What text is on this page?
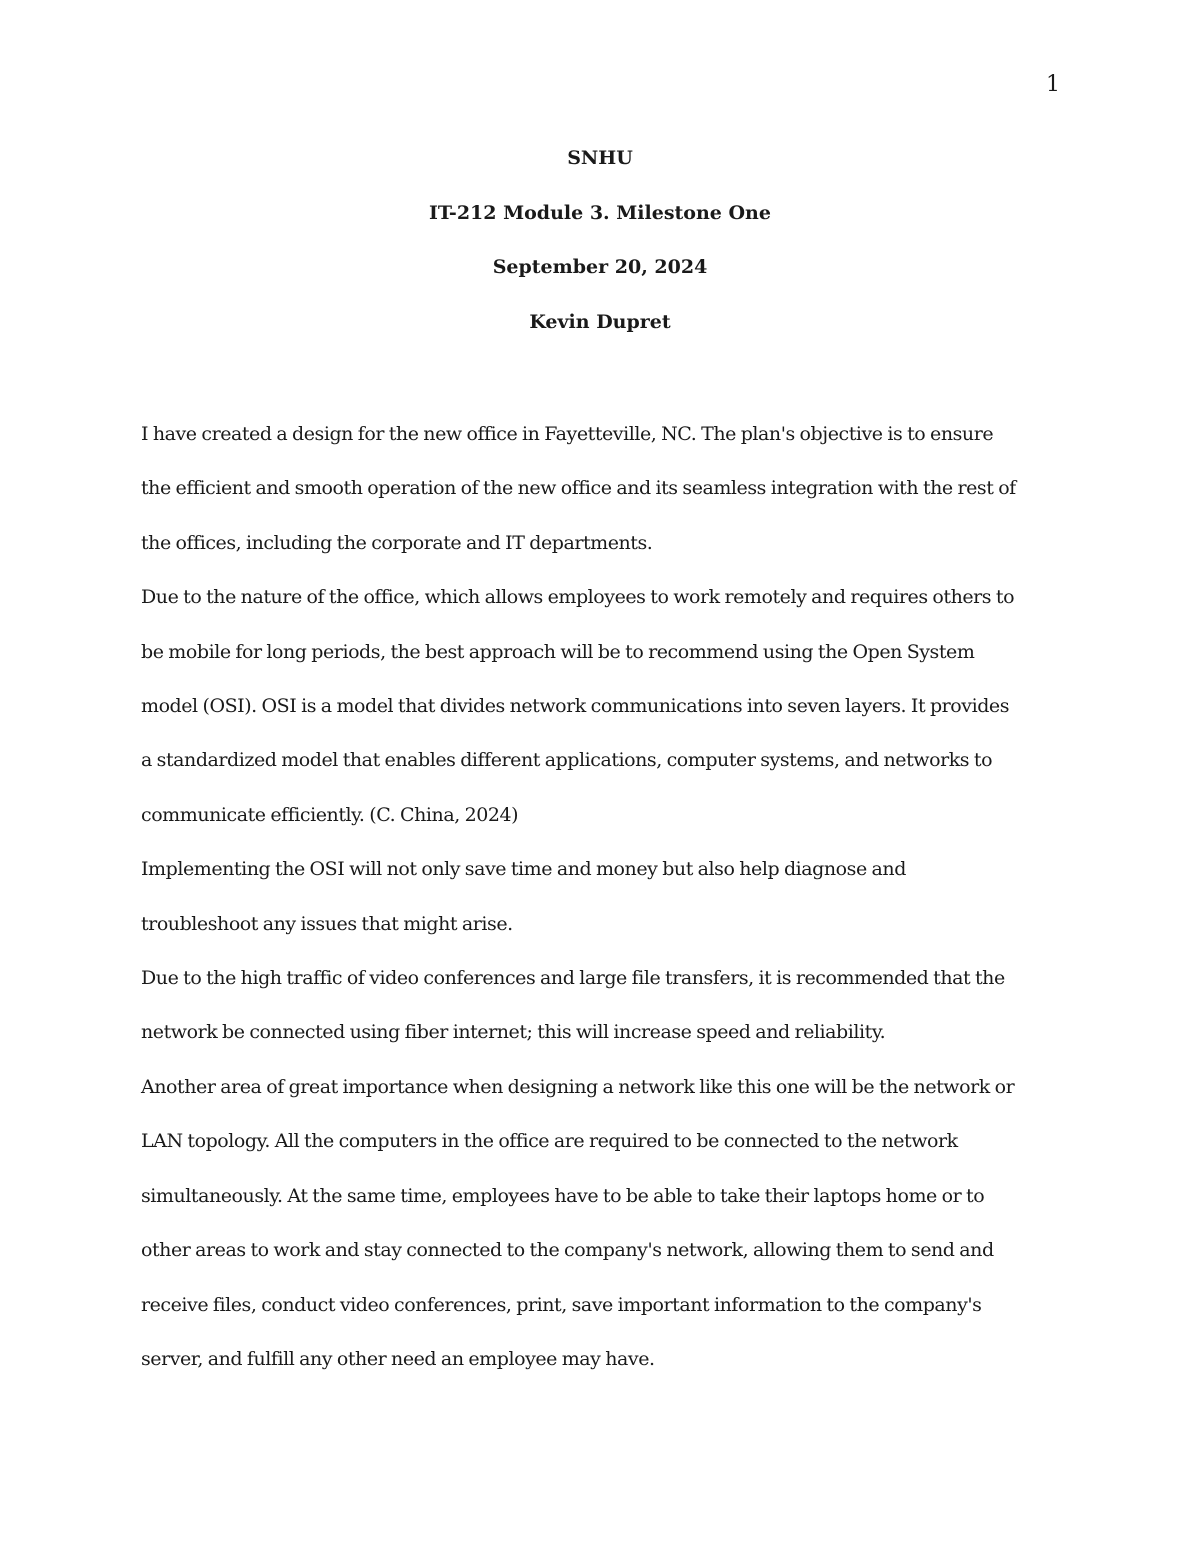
1
SNHU
IT-212 Module 3. Milestone One
September 20, 2024
Kevin Dupret
I have created a design for the new office in Fayetteville, NC. The plan's objective is to ensure
the efficient and smooth operation of the new office and its seamless integration with the rest of
the offices, including the corporate and IT departments.
Due to the nature of the office, which allows employees to work remotely and requires others to
be mobile for long periods, the best approach will be to recommend using the Open System
model (OSI). OSI is a model that divides network communications into seven layers. It provides
a standardized model that enables different applications, computer systems, and networks to
communicate efficiently. (C. China, 2024)
Implementing the OSI will not only save time and money but also help diagnose and
troubleshoot any issues that might arise.
Due to the high traffic of video conferences and large file transfers, it is recommended that the
network be connected using fiber internet; this will increase speed and reliability.
Another area of great importance when designing a network like this one will be the network or
LAN topology. All the computers in the office are required to be connected to the network
simultaneously. At the same time, employees have to be able to take their laptops home or to
other areas to work and stay connected to the company's network, allowing them to send and
receive files, conduct video conferences, print, save important information to the company's
server, and fulfill any other need an employee may have.
